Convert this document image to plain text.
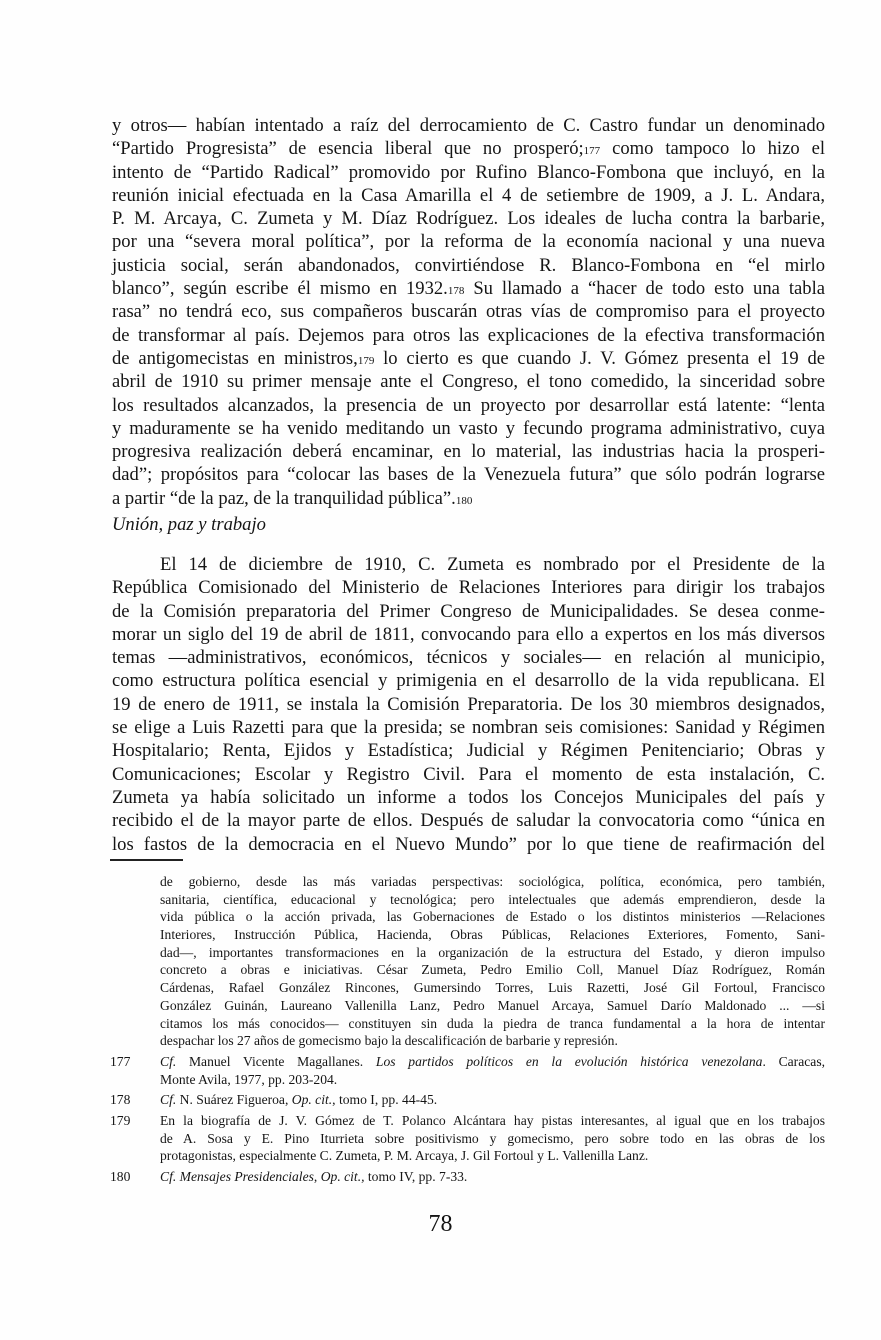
y otros— habían intentado a raíz del derrocamiento de C. Castro fundar un denominado
“Partido Progresista” de esencia liberal que no prosperó;$^{177}$ como tampoco lo hizo el
intento de “Partido Radical” promovido por Rufino Blanco-Fombona que incluyó, en la
reunión inicial efectuada en la Casa Amarilla el 4 de setiembre de 1909, a J. L. Andara,
P. M. Arcaya, C. Zumeta y M. Díaz Rodríguez. Los ideales de lucha contra la barbarie,
por una “severa moral política”, por la reforma de la economía nacional y una nueva
justicia social, serán abandonados, convirtiéndose R. Blanco-Fombona en “el mirlo
blanco”, según escribe él mismo en 1932.$^{178}$ Su llamado a “hacer de todo esto una tabla
rasa” no tendrá eco, sus compañeros buscarán otras vías de compromiso para el proyecto
de transformar al país. Dejemos para otros las explicaciones de la efectiva transformación
de antigomecistas en ministros,$^{179}$ lo cierto es que cuando J. V. Gómez presenta el 19 de
abril de 1910 su primer mensaje ante el Congreso, el tono comedido, la sinceridad sobre
los resultados alcanzados, la presencia de un proyecto por desarrollar está latente: “lenta
y maduramente se ha venido meditando un vasto y fecundo programa administrativo, cuya
progresiva realización deberá encaminar, en lo material, las industrias hacia la prosperi-
dad”; propósitos para “colocar las bases de la Venezuela futura” que sólo podrán lograrse
a partir “de la paz, de la tranquilidad pública”.$^{180}$
Unión, paz y trabajo
El 14 de diciembre de 1910, C. Zumeta es nombrado por el Presidente de la
República Comisionado del Ministerio de Relaciones Interiores para dirigir los trabajos
de la Comisión preparatoria del Primer Congreso de Municipalidades. Se desea conme-
morar un siglo del 19 de abril de 1811, convocando para ello a expertos en los más diversos
temas —administrativos, económicos, técnicos y sociales— en relación al municipio,
como estructura política esencial y primigenia en el desarrollo de la vida republicana. El
19 de enero de 1911, se instala la Comisión Preparatoria. De los 30 miembros designados,
se elige a Luis Razetti para que la presida; se nombran seis comisiones: Sanidad y Régimen
Hospitalario; Renta, Ejidos y Estadística; Judicial y Régimen Penitenciario; Obras y
Comunicaciones; Escolar y Registro Civil. Para el momento de esta instalación, C.
Zumeta ya había solicitado un informe a todos los Concejos Municipales del país y
recibido el de la mayor parte de ellos. Después de saludar la convocatoria como “única en
los fastos de la democracia en el Nuevo Mundo” por lo que tiene de reafirmación del
de gobierno, desde las más variadas perspectivas: sociológica, política, económica, pero también,
sanitaria, científica, educacional y tecnológica; pero intelectuales que además emprendieron, desde la
vida pública o la acción privada, las Gobernaciones de Estado o los distintos ministerios —Relaciones
Interiores, Instrucción Pública, Hacienda, Obras Públicas, Relaciones Exteriores, Fomento, Sani-
dad—, importantes transformaciones en la organización de la estructura del Estado, y dieron impulso
concreto a obras e iniciativas. César Zumeta, Pedro Emilio Coll, Manuel Díaz Rodríguez, Román
Cárdenas, Rafael González Rincones, Gumersindo Torres, Luis Razetti, José Gil Fortoul, Francisco
González Guinán, Laureano Vallenilla Lanz, Pedro Manuel Arcaya, Samuel Darío Maldonado ... —si
citamos los más conocidos— constituyen sin duda la piedra de tranca fundamental a la hora de intentar
despachar los 27 años de gomecismo bajo la descalificación de barbarie y represión.
177 Cf. Manuel Vicente Magallanes. Los partidos políticos en la evolución histórica venezolana. Caracas,
Monte Avila, 1977, pp. 203-204.
178 Cf. N. Suárez Figueroa, Op. cit., tomo I, pp. 44-45.
179 En la biografía de J. V. Gómez de T. Polanco Alcántara hay pistas interesantes, al igual que en los trabajos
de A. Sosa y E. Pino Iturrieta sobre positivismo y gomecismo, pero sobre todo en las obras de los
protagonistas, especialmente C. Zumeta, P. M. Arcaya, J. Gil Fortoul y L. Vallenilla Lanz.
180 Cf. Mensajes Presidenciales, Op. cit., tomo IV, pp. 7-33.
78
